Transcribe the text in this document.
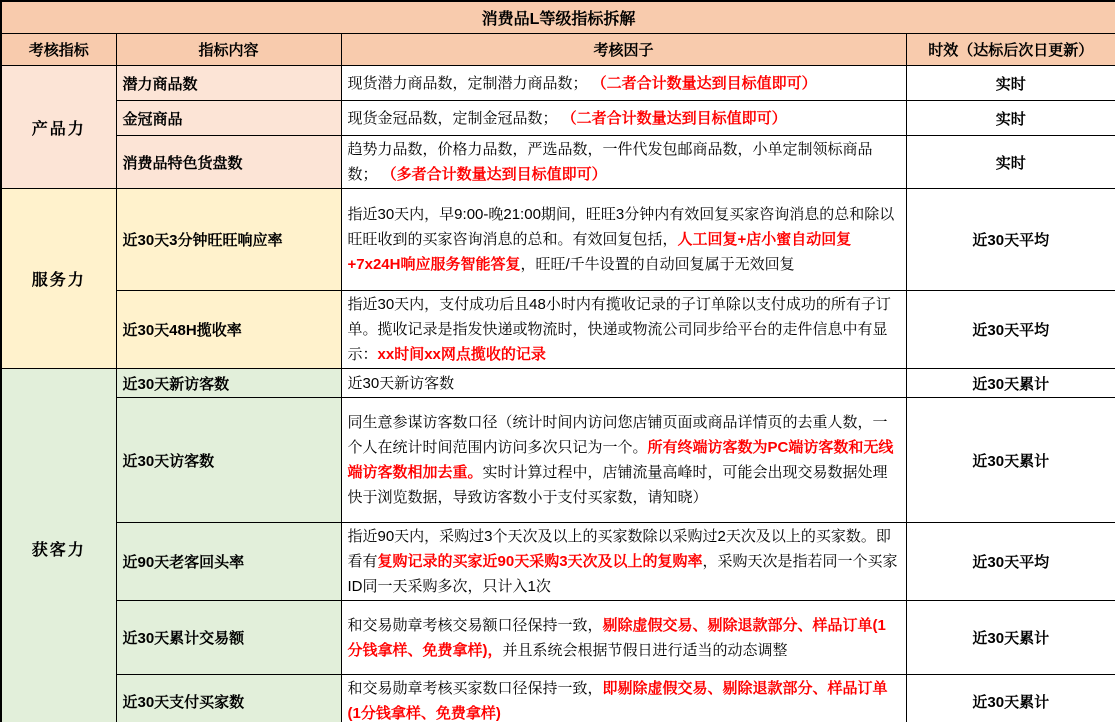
消费品L等级指标拆解			
考核指标	指标内容	考核因子	时效（达标后次日更新）
产品力	潜力商品数	现货潜力商品数，定制潜力商品数； （二者合计数量达到目标值即可）	实时
	金冠商品	现货金冠品数，定制金冠品数； （二者合计数量达到目标值即可）	实时
	消费品特色货盘数	趋势力品数，价格力品数，严选品数，一件代发包邮商品数，小单定制领标商品数； （多者合计数量达到目标值即可）	实时
服务力	近30天3分钟旺旺响应率	指近30天内，早9:00-晚21:00期间，旺旺3分钟内有效回复买家咨询消息的总和除以旺旺收到的买家咨询消息的总和。有效回复包括，人工回复+店小蜜自动回复+7x24H响应服务智能答复，旺旺/千牛设置的自动回复属于无效回复	近30天平均
	近30天48H揽收率	指近30天内，支付成功后且48小时内有揽收记录的子订单除以支付成功的所有子订单。揽收记录是指发快递或物流时，快递或物流公司同步给平台的走件信息中有显示：xx时间xx网点揽收的记录	近30天平均
获客力	近30天新访客数	近30天新访客数	近30天累计
	近30天访客数	同生意参谋访客数口径（统计时间内访问您店铺页面或商品详情页的去重人数，一个人在统计时间范围内访问多次只记为一个。所有终端访客数为PC端访客数和无线端访客数相加去重。实时计算过程中，店铺流量高峰时，可能会出现交易数据处理快于浏览数据，导致访客数小于支付买家数，请知晓）	近30天累计
	近90天老客回头率	指近90天内，采购过3个天次及以上的买家数除以采购过2天次及以上的买家数。即看有复购记录的买家近90天采购3天次及以上的复购率，采购天次是指若同一个买家ID同一天采购多次，只计入1次	近30天平均
	近30天累计交易额	和交易勋章考核交易额口径保持一致，剔除虚假交易、剔除退款部分、样品订单(1分钱拿样、免费拿样)，并且系统会根据节假日进行适当的动态调整	近30天累计
	近30天支付买家数	和交易勋章考核买家数口径保持一致，即剔除虚假交易、剔除退款部分、样品订单(1分钱拿样、免费拿样)	近30天累计
